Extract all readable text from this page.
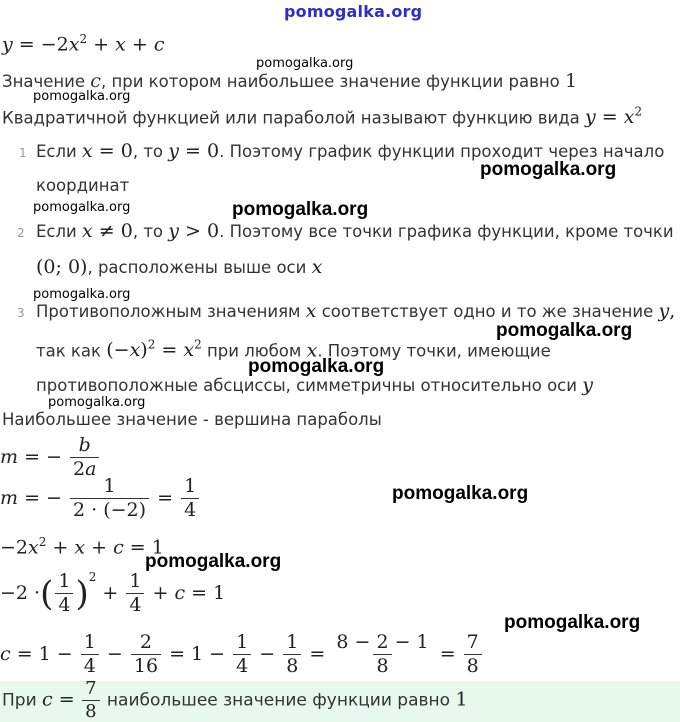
pomogalka.org
$y = -2x^2 + x + c$
pomogalka.org
Значение c, при котором наибольшее значение функции равно 1
pomogalka.org
Квадратичной функцией или параболой называют функцию вида $y = x^2$
1 Если x = 0, то y = 0. Поэтому график функции проходит через начало
pomogalka.org
координат
pomogalka.org	pomogalka.org
2 Если x ≠ 0, то y > 0. Поэтому все точки графика функции, кроме точки
(0; 0), расположены выше оси x
pomogalka.org
3 Противоположным значениям x соответствует одно и то же значение y,
pomogalka.org
так как $(-x)^2 = x^2$ при любом x. Поэтому точки, имеющие
pomogalka.org
противоположные абсциссы, симметричны относительно оси y
pomogalka.org
Наибольшее значение - вершина параболы
m = − $\frac{b}{2a}$
m = − $\frac{1}{2 \cdot (-2)} = \frac{1}{4}$	pomogalka.org
$-2x^2 + x + c = 1$
pomogalka.org
−2 ·( $\frac{1}{4} )^2 + \frac{1}{4} + c = 1$
pomogalka.org
$c = 1 - \frac{1}{4} - \frac{2}{16} = 1 - \frac{1}{4} - \frac{1}{8} = \frac{8 - 2 - 1}{8} = \frac{7}{8}$
При $c = \frac{7}{8}$ наибольшее значение функции равно 1
